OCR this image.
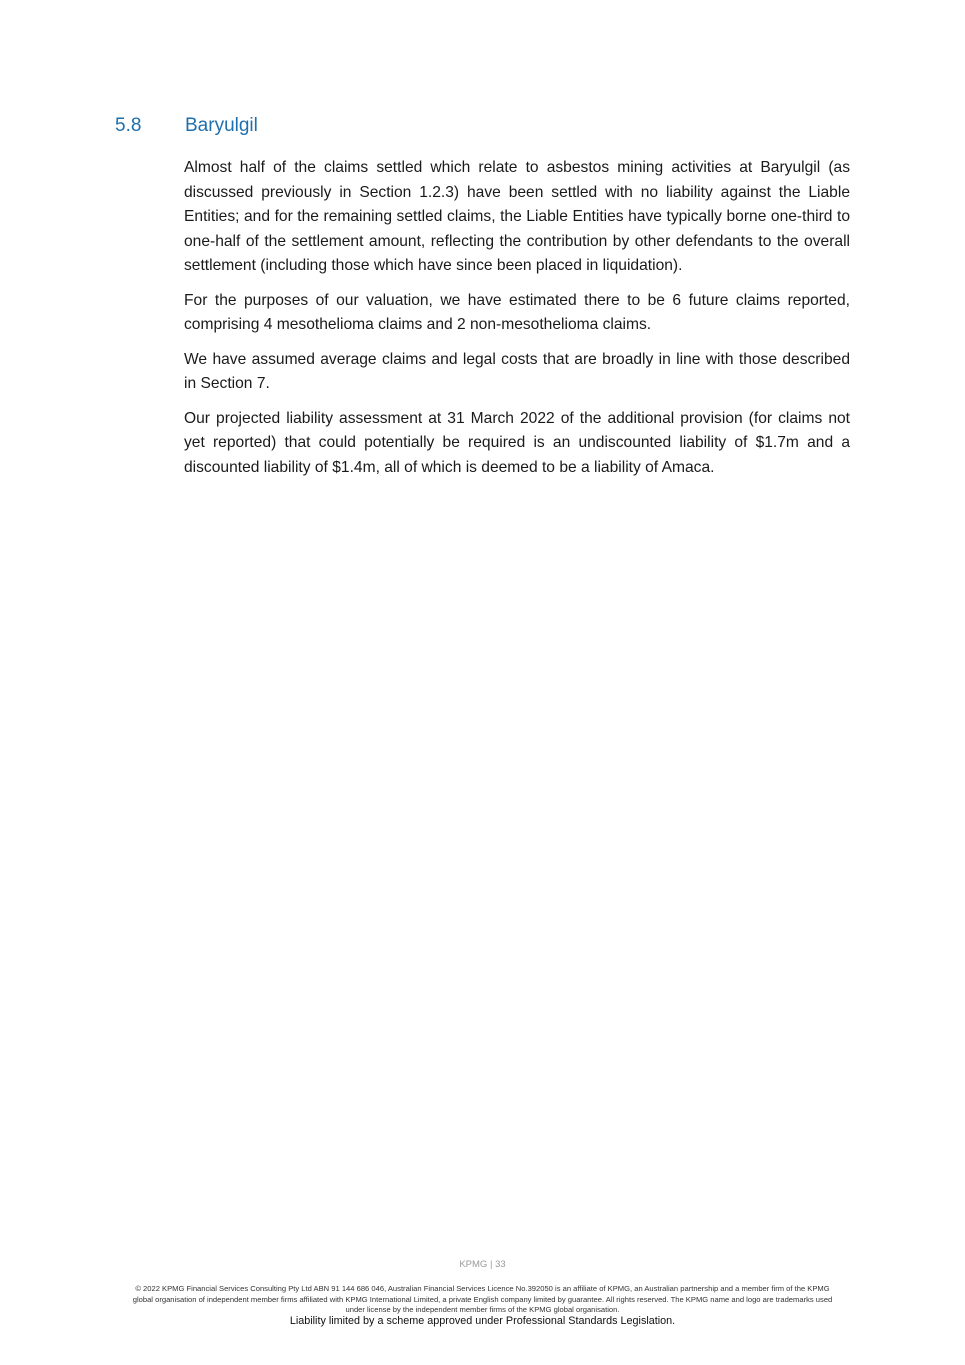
5.8	Baryulgil

Almost half of the claims settled which relate to asbestos mining activities at Baryulgil (as discussed previously in Section 1.2.3) have been settled with no liability against the Liable Entities; and for the remaining settled claims, the Liable Entities have typically borne one-third to one-half of the settlement amount, reflecting the contribution by other defendants to the overall settlement (including those which have since been placed in liquidation).

For the purposes of our valuation, we have estimated there to be 6 future claims reported, comprising 4 mesothelioma claims and 2 non-mesothelioma claims.

We have assumed average claims and legal costs that are broadly in line with those described in Section 7.

Our projected liability assessment at 31 March 2022 of the additional provision (for claims not yet reported) that could potentially be required is an undiscounted liability of $1.7m and a discounted liability of $1.4m, all of which is deemed to be a liability of Amaca.

KPMG | 33
© 2022 KPMG Financial Services Consulting Pty Ltd ABN 91 144 686 046, Australian Financial Services Licence No.392050 is an affiliate of KPMG, an Australian partnership and a member firm of the KPMG global organisation of independent member firms affiliated with KPMG International Limited, a private English company limited by guarantee. All rights reserved. The KPMG name and logo are trademarks used under license by the independent member firms of the KPMG global organisation.
Liability limited by a scheme approved under Professional Standards Legislation.
